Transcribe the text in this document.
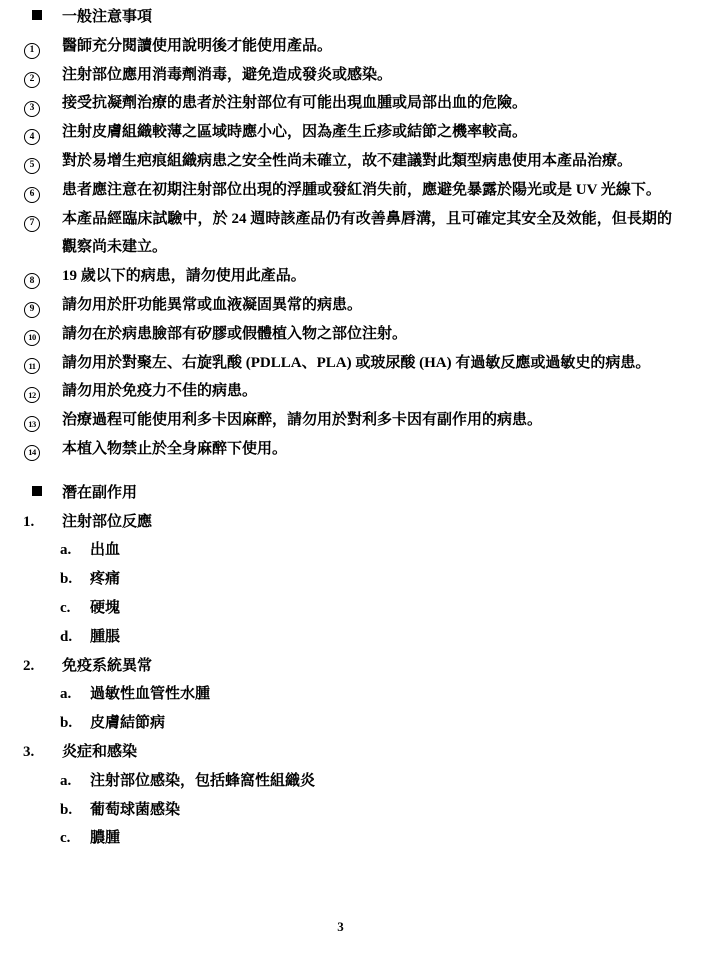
一般注意事項
1	醫師充分閱讀使用說明後才能使用產品。
2	注射部位應用消毒劑消毒，避免造成發炎或感染。
3	接受抗凝劑治療的患者於注射部位有可能出現血腫或局部出血的危險。
4	注射皮膚組織較薄之區域時應小心，因為產生丘疹或結節之機率較高。
5	對於易增生疤痕組織病患之安全性尚未確立，故不建議對此類型病患使用本產品治療。
6	患者應注意在初期注射部位出現的浮腫或發紅消失前，應避免暴露於陽光或是 UV 光線下。
7	本產品經臨床試驗中，於 24 週時該產品仍有改善鼻唇溝，且可確定其安全及效能，但長期的觀察尚未建立。
8	19 歲以下的病患，請勿使用此產品。
9	請勿用於肝功能異常或血液凝固異常的病患。
10	請勿在於病患臉部有矽膠或假體植入物之部位注射。
11	請勿用於對聚左、右旋乳酸 (PDLLA、PLA) 或玻尿酸 (HA) 有過敏反應或過敏史的病患。
12	請勿用於免疫力不佳的病患。
13	治療過程可能使用利多卡因麻醉，請勿用於對利多卡因有副作用的病患。
14	本植入物禁止於全身麻醉下使用。
潛在副作用
1.	注射部位反應
a.	出血
b.	疼痛
c.	硬塊
d.	腫脹
2.	免疫系統異常
a.	過敏性血管性水腫
b.	皮膚結節病
3.	炎症和感染
a.	注射部位感染，包括蜂窩性組織炎
b.	葡萄球菌感染
c.	膿腫
3
